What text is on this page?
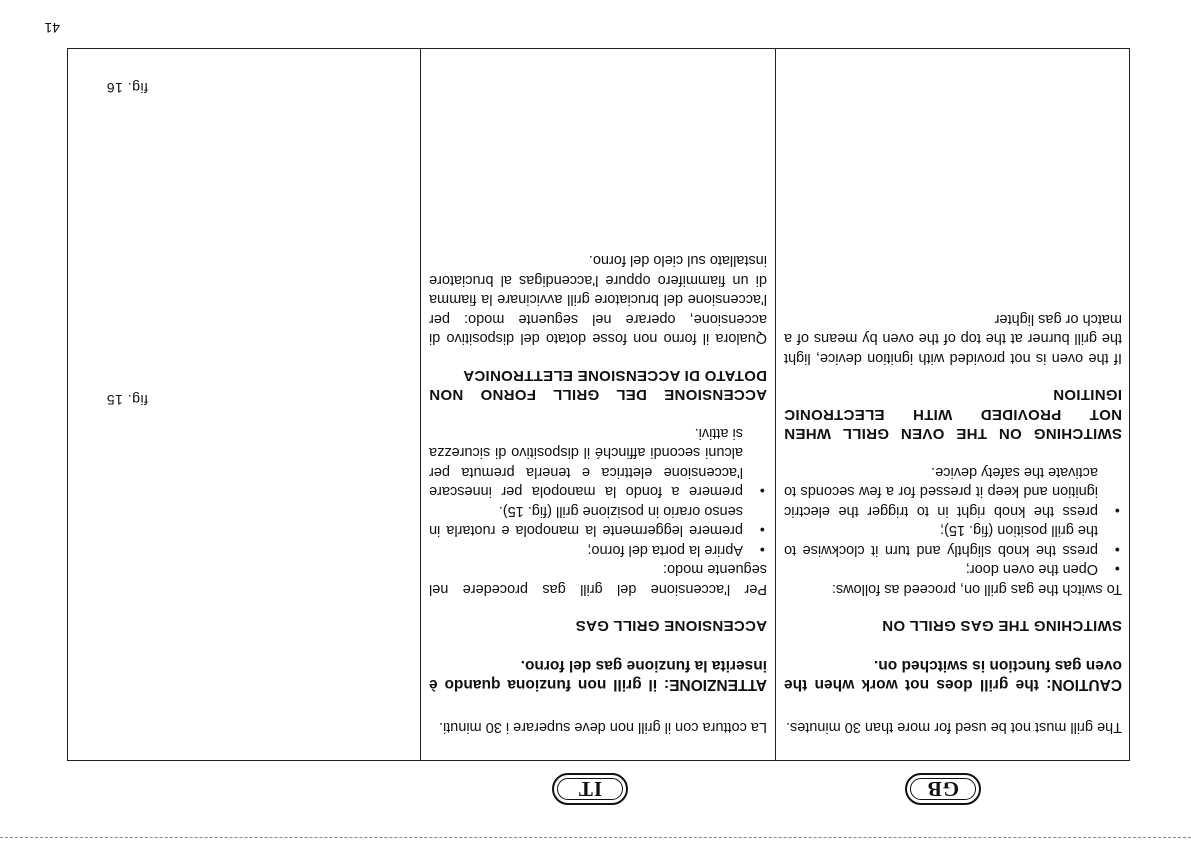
GB
IT

The grill must not be used for more than 30 minutes.

CAUTION: the grill does not work when the oven gas function is switched on.

SWITCHING THE GAS GRILL ON

To switch the gas grill on, proceed as follows:

● Open the oven door;
● press the knob slightly and turn it clockwise to the grill position (fig. 15);
● press the knob right in to trigger the electric ignition and keep it pressed for a few seconds to activate the safety device.

SWITCHING ON THE OVEN GRILL WHEN NOT PROVIDED WITH ELECTRONIC IGNITION

If the oven is not provided with ignition device, light the grill burner at the top of the oven by means of a match or gas lighter

La cottura con il grill non deve superare i 30 minuti.

ATTENZIONE: il grill non funziona quando è inserita la funzione gas del forno.

ACCENSIONE GRILL GAS

Per l'accensione del grill gas procedere nel seguente modo:

● Aprire la porta del forno;
● premere leggermente la manopola e ruotarla in senso orario in posizione grill (fig. 15).
● premere a fondo la manopola per innescare l'accensione elettrica e tenerla premuta per alcuni secondi affinché il dispositivo di sicurezza si attivi.

ACCENSIONE DEL GRILL FORNO NON DOTATO DI ACCENSIONE ELETTRONICA

Qualora il forno non fosse dotato del dispositivo di accensione, operare nel seguente modo: per l'accensione del bruciatore grill avvicinare la fiamma di un fiammifero oppure l'accendigas al bruciatore installato sul cielo del forno.

fig. 15
fig. 16
41
